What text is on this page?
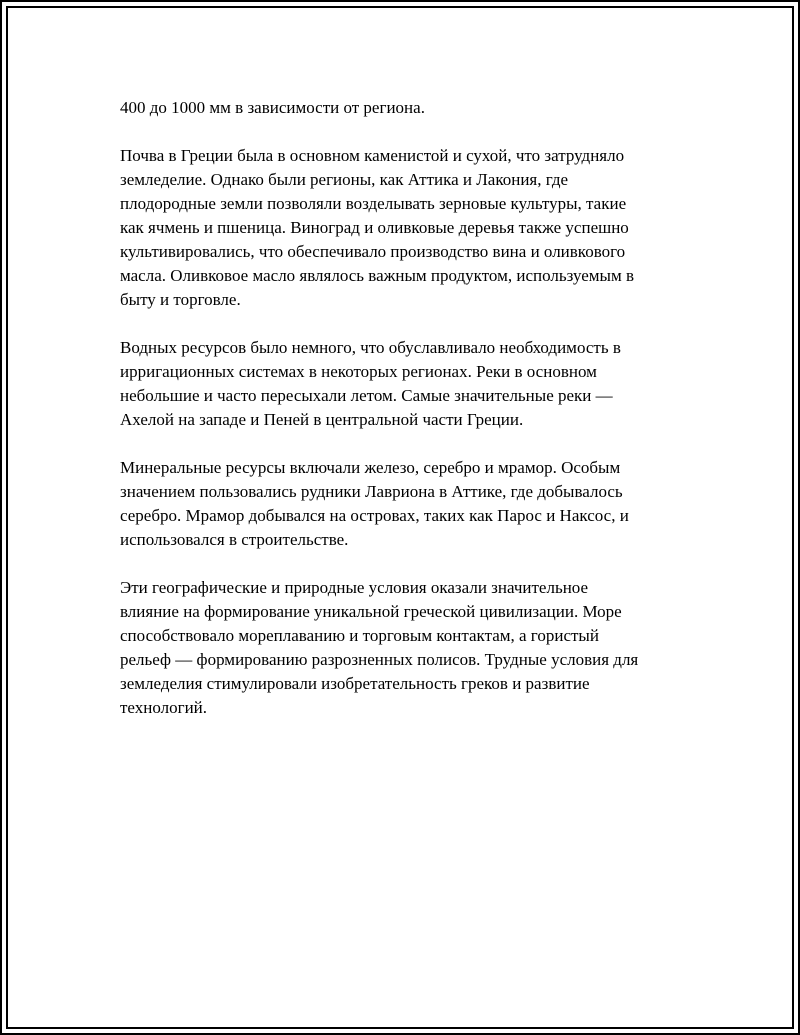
400 до 1000 мм в зависимости от региона.

Почва в Греции была в основном каменистой и сухой, что затрудняло
земледелие. Однако были регионы, как Аттика и Лакония, где
плодородные земли позволяли возделывать зерновые культуры, такие
как ячмень и пшеница. Виноград и оливковые деревья также успешно
культивировались, что обеспечивало производство вина и оливкового
масла. Оливковое масло являлось важным продуктом, используемым в
быту и торговле.

Водных ресурсов было немного, что обуславливало необходимость в
ирригационных системах в некоторых регионах. Реки в основном
небольшие и часто пересыхали летом. Самые значительные реки —
Ахелой на западе и Пеней в центральной части Греции.

Минеральные ресурсы включали железо, серебро и мрамор. Особым
значением пользовались рудники Лавриона в Аттике, где добывалось
серебро. Мрамор добывался на островах, таких как Парос и Наксос, и
использовался в строительстве.

Эти географические и природные условия оказали значительное
влияние на формирование уникальной греческой цивилизации. Море
способствовало мореплаванию и торговым контактам, а гористый
рельеф — формированию разрозненных полисов. Трудные условия для
земледелия стимулировали изобретательность греков и развитие
технологий.
